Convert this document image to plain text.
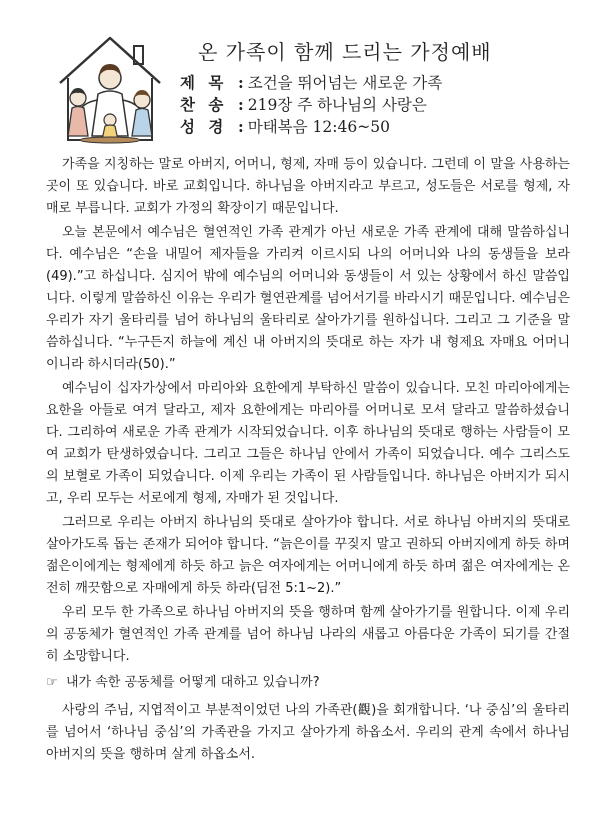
온 가족이 함께 드리는 가정예배
제 목 : 조건을 뛰어넘는 새로운 가족
찬 송 : 219장 주 하나님의 사랑은
성 경 : 마태복음 12:46~50

가족을 지칭하는 말로 아버지, 어머니, 형제, 자매 등이 있습니다. 그런데 이 말을 사용하는 곳이 또 있습니다. 바로 교회입니다. 하나님을 아버지라고 부르고, 성도들은 서로를 형제, 자매로 부릅니다. 교회가 가정의 확장이기 때문입니다.

오늘 본문에서 예수님은 혈연적인 가족 관계가 아닌 새로운 가족 관계에 대해 말씀하십니다. 예수님은 “손을 내밀어 제자들을 가리켜 이르시되 나의 어머니와 나의 동생들을 보라(49).”고 하십니다. 심지어 밖에 예수님의 어머니와 동생들이 서 있는 상황에서 하신 말씀입니다. 이렇게 말씀하신 이유는 우리가 혈연관계를 넘어서기를 바라시기 때문입니다. 예수님은 우리가 자기 울타리를 넘어 하나님의 울타리로 살아가기를 원하십니다. 그리고 그 기준을 말씀하십니다. “누구든지 하늘에 계신 내 아버지의 뜻대로 하는 자가 내 형제요 자매요 어머니이니라 하시더라(50).”

예수님이 십자가상에서 마리아와 요한에게 부탁하신 말씀이 있습니다. 모친 마리아에게는 요한을 아들로 여겨 달라고, 제자 요한에게는 마리아를 어머니로 모셔 달라고 말씀하셨습니다. 그리하여 새로운 가족 관계가 시작되었습니다. 이후 하나님의 뜻대로 행하는 사람들이 모여 교회가 탄생하였습니다. 그리고 그들은 하나님 안에서 가족이 되었습니다. 예수 그리스도의 보혈로 가족이 되었습니다. 이제 우리는 가족이 된 사람들입니다. 하나님은 아버지가 되시고, 우리 모두는 서로에게 형제, 자매가 된 것입니다.

그러므로 우리는 아버지 하나님의 뜻대로 살아가야 합니다. 서로 하나님 아버지의 뜻대로 살아가도록 돕는 존재가 되어야 합니다. “늙은이를 꾸짖지 말고 권하되 아버지에게 하듯 하며 젊은이에게는 형제에게 하듯 하고 늙은 여자에게는 어머니에게 하듯 하며 젊은 여자에게는 온전히 깨끗함으로 자매에게 하듯 하라(딤전 5:1~2).”

우리 모두 한 가족으로 하나님 아버지의 뜻을 행하며 함께 살아가기를 원합니다. 이제 우리의 공동체가 혈연적인 가족 관계를 넘어 하나님 나라의 새롭고 아름다운 가족이 되기를 간절히 소망합니다.

☞ 내가 속한 공동체를 어떻게 대하고 있습니까?

사랑의 주님, 지엽적이고 부분적이었던 나의 가족관(觀)을 회개합니다. ‘나 중심’의 울타리를 넘어서 ‘하나님 중심’의 가족관을 가지고 살아가게 하옵소서. 우리의 관계 속에서 하나님 아버지의 뜻을 행하며 살게 하옵소서.
